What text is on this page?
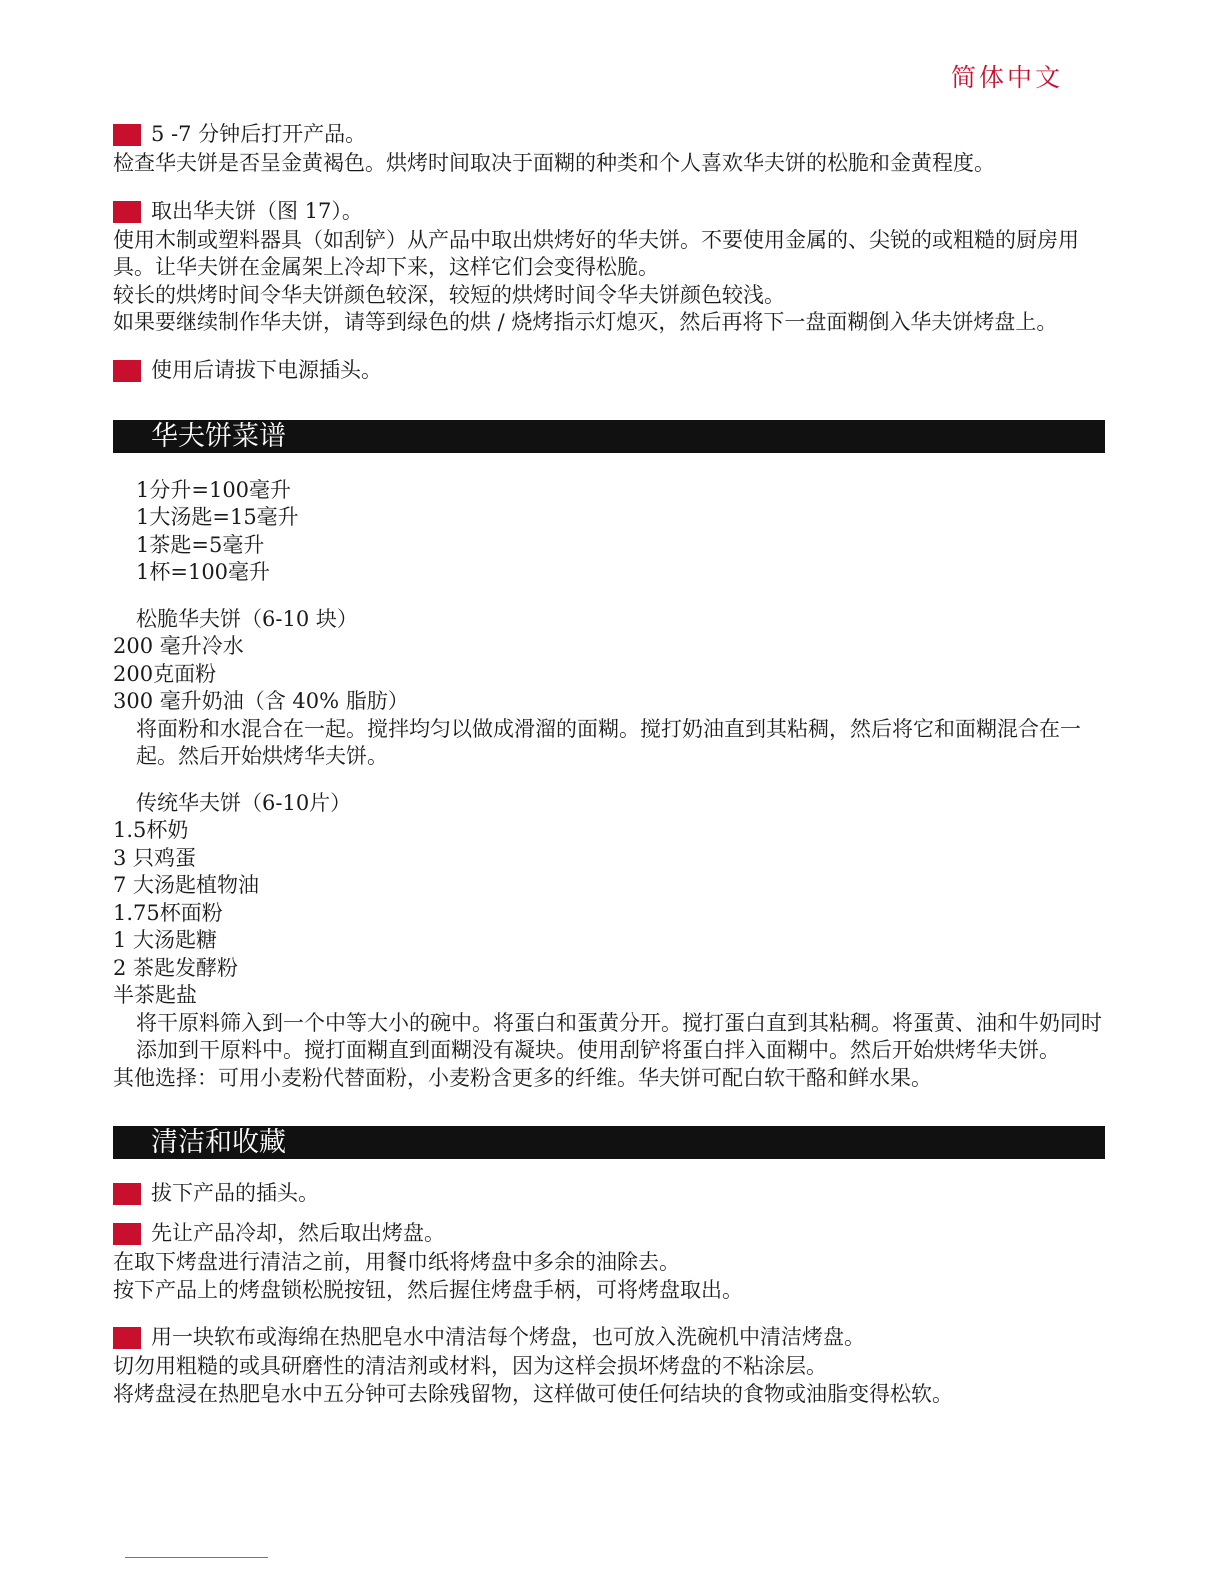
简体中文
5 -7 分钟后打开产品。
检查华夫饼是否呈金黄褐色。烘烤时间取决于面糊的种类和个人喜欢华夫饼的松脆和金黄程度。
取出华夫饼（图 17）。
使用木制或塑料器具（如刮铲）从产品中取出烘烤好的华夫饼。不要使用金属的、尖锐的或粗糙的厨房用具。让华夫饼在金属架上冷却下来，这样它们会变得松脆。
较长的烘烤时间令华夫饼颜色较深，较短的烘烤时间令华夫饼颜色较浅。
如果要继续制作华夫饼，请等到绿色的烘 / 烧烤指示灯熄灭，然后再将下一盘面糊倒入华夫饼烤盘上。
使用后请拔下电源插头。
华夫饼菜谱
1分升=100毫升
1大汤匙=15毫升
1茶匙=5毫升
1杯=100毫升
松脆华夫饼（6-10 块）
200 毫升冷水
200克面粉
300 毫升奶油（含 40% 脂肪）
将面粉和水混合在一起。搅拌均匀以做成滑溜的面糊。搅打奶油直到其粘稠，然后将它和面糊混合在一起。然后开始烘烤华夫饼。
传统华夫饼（6-10片）
1.5杯奶
3 只鸡蛋
7 大汤匙植物油
1.75杯面粉
1 大汤匙糖
2 茶匙发酵粉
半茶匙盐
将干原料筛入到一个中等大小的碗中。将蛋白和蛋黄分开。搅打蛋白直到其粘稠。将蛋黄、油和牛奶同时添加到干原料中。搅打面糊直到面糊没有凝块。使用刮铲将蛋白拌入面糊中。然后开始烘烤华夫饼。
其他选择：可用小麦粉代替面粉，小麦粉含更多的纤维。华夫饼可配白软干酪和鲜水果。
清洁和收藏
拔下产品的插头。
先让产品冷却，然后取出烤盘。
在取下烤盘进行清洁之前，用餐巾纸将烤盘中多余的油除去。
按下产品上的烤盘锁松脱按钮，然后握住烤盘手柄，可将烤盘取出。
用一块软布或海绵在热肥皂水中清洁每个烤盘，也可放入洗碗机中清洁烤盘。
切勿用粗糙的或具研磨性的清洁剂或材料，因为这样会损坏烤盘的不粘涂层。
将烤盘浸在热肥皂水中五分钟可去除残留物，这样做可使任何结块的食物或油脂变得松软。
